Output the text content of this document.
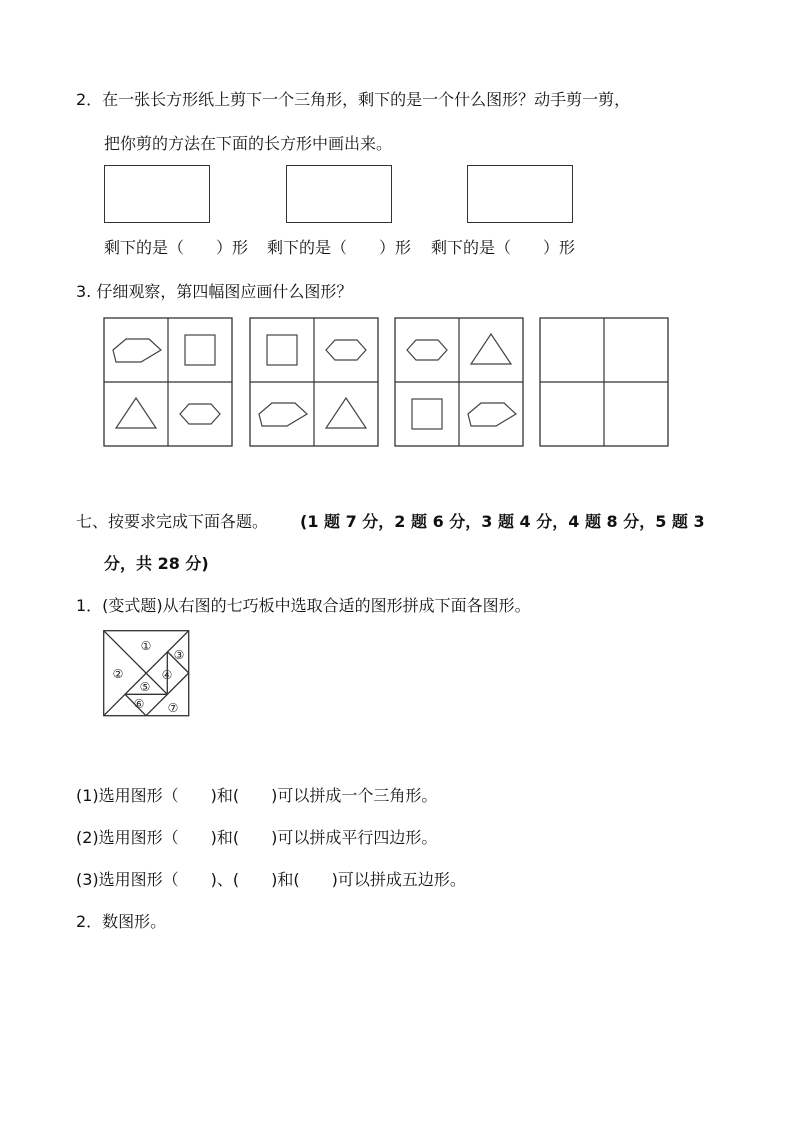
2．在一张长方形纸上剪下一个三角形，剩下的是一个什么图形？动手剪一剪，
把你剪的方法在下面的长方形中画出来。
剩下的是（　　）形 剩下的是（　　）形 剩下的是（　　）形
3. 仔细观察，第四幅图应画什么图形？
七、按要求完成下面各题。 (1 题 7 分，2 题 6 分，3 题 4 分，4 题 8 分，5 题 3
分，共 28 分)
1．(变式题)从右图的七巧板中选取合适的图形拼成下面各图形。
①
②
③
④
⑤
⑥ ⑦
(1)选用图形（　　)和(　　)可以拼成一个三角形。
(2)选用图形（　　)和(　　)可以拼成平行四边形。
(3)选用图形（　　)、(　　)和(　　)可以拼成五边形。
2．数图形。
